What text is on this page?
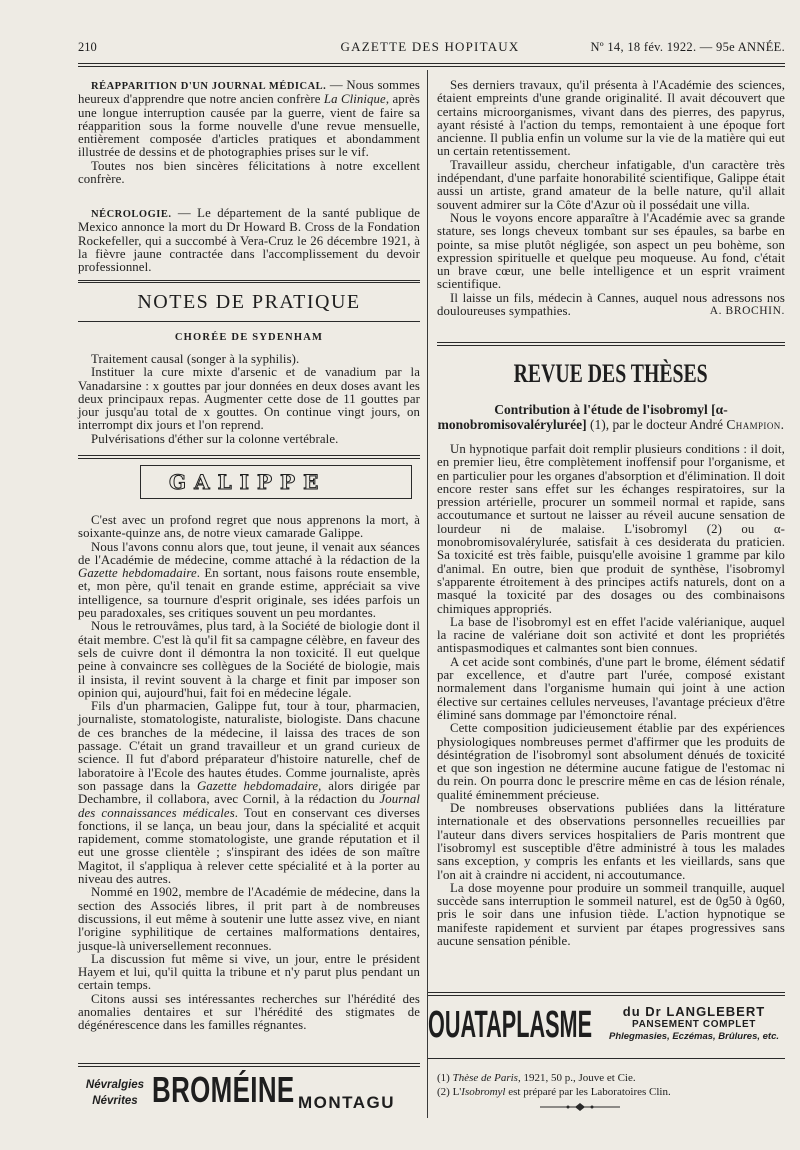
210	GAZETTE DES HOPITAUX	Nº 14, 18 fév. 1922. — 95e ANNÉE.

RÉAPPARITION D'UN JOURNAL MÉDICAL. — Nous sommes heureux d'apprendre que notre ancien confrère La Clinique, après une longue interruption causée par la guerre, vient de faire sa réapparition sous la forme nouvelle d'une revue mensuelle, entièrement composée d'articles pratiques et abondamment illustrée de dessins et de photographies prises sur le vif.

Toutes nos bien sincères félicitations à notre excellent confrère.

NÉCROLOGIE. — Le département de la santé publique de Mexico annonce la mort du Dr Howard B. Cross de la Fondation Rockefeller, qui a succombé à Vera-Cruz le 26 décembre 1921, à la fièvre jaune contractée dans l'accomplissement du devoir professionnel.

NOTES DE PRATIQUE
CHORÉE DE SYDENHAM

Traitement causal (songer à la syphilis).

Instituer la cure mixte d'arsenic et de vanadium par la Vanadarsine : x gouttes par jour données en deux doses avant les deux principaux repas. Augmenter cette dose de 11 gouttes par jour jusqu'au total de x gouttes. On continue vingt jours, on interrompt dix jours et l'on reprend.

Pulvérisations d'éther sur la colonne vertébrale.

GALIPPE

C'est avec un profond regret que nous apprenons la mort, à soixante-quinze ans, de notre vieux camarade Galippe.

Nous l'avons connu alors que, tout jeune, il venait aux séances de l'Académie de médecine, comme attaché à la rédaction de la Gazette hebdomadaire. En sortant, nous faisons route ensemble, et, mon père, qu'il tenait en grande estime, appréciait sa vive intelligence, sa tournure d'esprit originale, ses idées parfois un peu paradoxales, ses critiques souvent un peu mordantes.

Nous le retrouvâmes, plus tard, à la Société de biologie dont il était membre. C'est là qu'il fit sa campagne célèbre, en faveur des sels de cuivre dont il démontra la non toxicité. Il eut quelque peine à convaincre ses collègues de la Société de biologie, mais il insista, il revint souvent à la charge et finit par imposer son opinion qui, aujourd'hui, fait foi en médecine légale.

Fils d'un pharmacien, Galippe fut, tour à tour, pharmacien, journaliste, stomatologiste, naturaliste, biologiste. Dans chacune de ces branches de la médecine, il laissa des traces de son passage. C'était un grand travailleur et un grand curieux de science. Il fut d'abord préparateur d'histoire naturelle, chef de laboratoire à l'Ecole des hautes études. Comme journaliste, après son passage dans la Gazette hebdomadaire, alors dirigée par Dechambre, il collabora, avec Cornil, à la rédaction du Journal des connaissances médicales. Tout en conservant ces diverses fonctions, il se lança, un beau jour, dans la spécialité et acquit rapidement, comme stomatologiste, une grande réputation et il eut une grosse clientèle ; s'inspirant des idées de son maître Magitot, il s'appliqua à relever cette spécialité et à la porter au niveau des autres.

Nommé en 1902, membre de l'Académie de médecine, dans la section des Associés libres, il prit part à de nombreuses discussions, il eut même à soutenir une lutte assez vive, en niant l'origine syphilitique de certaines malformations dentaires, jusque-là universellement reconnues.

La discussion fut même si vive, un jour, entre le président Hayem et lui, qu'il quitta la tribune et n'y parut plus pendant un certain temps.

Citons aussi ses intéressantes recherches sur l'hérédité des anomalies dentaires et sur l'hérédité des stigmates de dégénérescence dans les familles régnantes.

Névralgies
Névrites BROMÉINE MONTAGU

Ses derniers travaux, qu'il présenta à l'Académie des sciences, étaient empreints d'une grande originalité. Il avait découvert que certains microorganismes, vivant dans des pierres, des papyrus, ayant résisté à l'action du temps, remontaient à une époque fort ancienne. Il publia enfin un volume sur la vie de la matière qui eut un certain retentissement.

Travailleur assidu, chercheur infatigable, d'un caractère très indépendant, d'une parfaite honorabilité scientifique, Galippe était aussi un artiste, grand amateur de la belle nature, qu'il allait souvent admirer sur la Côte d'Azur où il possédait une villa.

Nous le voyons encore apparaître à l'Académie avec sa grande stature, ses longs cheveux tombant sur ses épaules, sa barbe en pointe, sa mise plutôt négligée, son aspect un peu bohème, son expression spirituelle et quelque peu moqueuse. Au fond, c'était un brave cœur, une belle intelligence et un esprit vraiment scientifique.

Il laisse un fils, médecin à Cannes, auquel nous adressons nos douloureuses sympathies.	A. BROCHIN.

REVUE DES THÈSES
Contribution à l'étude de l'isobromyl [α-monobromisovalérylurée] (1), par le docteur André Champion.

Un hypnotique parfait doit remplir plusieurs conditions : il doit, en premier lieu, être complètement inoffensif pour l'organisme, et en particulier pour les organes d'absorption et d'élimination. Il doit encore rester sans effet sur les échanges respiratoires, sur la pression artérielle, procurer un sommeil normal et rapide, sans accoutumance et surtout ne laisser au réveil aucune sensation de lourdeur ni de malaise. L'isobromyl (2) ou α-monobromisovalérylurée, satisfait à ces desiderata du praticien. Sa toxicité est très faible, puisqu'elle avoisine 1 gramme par kilo d'animal. En outre, bien que produit de synthèse, l'isobromyl s'apparente étroitement à des principes actifs naturels, dont on a masqué la toxicité par des dosages ou des combinaisons chimiques appropriés.

La base de l'isobromyl est en effet l'acide valérianique, auquel la racine de valériane doit son activité et dont les propriétés antispasmodiques et calmantes sont bien connues.

A cet acide sont combinés, d'une part le brome, élément sédatif par excellence, et d'autre part l'urée, composé existant normalement dans l'organisme humain qui joint à une action élective sur certaines cellules nerveuses, l'avantage précieux d'être éliminé sans dommage par l'émonctoire rénal.

Cette composition judicieusement établie par des expériences physiologiques nombreuses permet d'affirmer que les produits de désintégration de l'isobromyl sont absolument dénués de toxicité et que son ingestion ne détermine aucune fatigue de l'estomac ni du rein. On pourra donc le prescrire même en cas de lésion rénale, qualité éminemment précieuse.

De nombreuses observations publiées dans la littérature internationale et des observations personnelles recueillies par l'auteur dans divers services hospitaliers de Paris montrent que l'isobromyl est susceptible d'être administré à tous les malades sans exception, y compris les enfants et les vieillards, sans que l'on ait à craindre ni accident, ni accoutumance.

La dose moyenne pour produire un sommeil tranquille, auquel succède sans interruption le sommeil naturel, est de 0g50 à 0g60, pris le soir dans une infusion tiède. L'action hypnotique se manifeste rapidement et survient par étapes progressives sans aucune sensation pénible.

OUATAPLASME	du Dr LANGLEBERT
PANSEMENT COMPLET
Phlegmasies, Eczémas, Brûlures, etc.
(1) Thèse de Paris, 1921, 50 p., Jouve et Cie.
(2) L'Isobromyl est préparé par les Laboratoires Clin.
